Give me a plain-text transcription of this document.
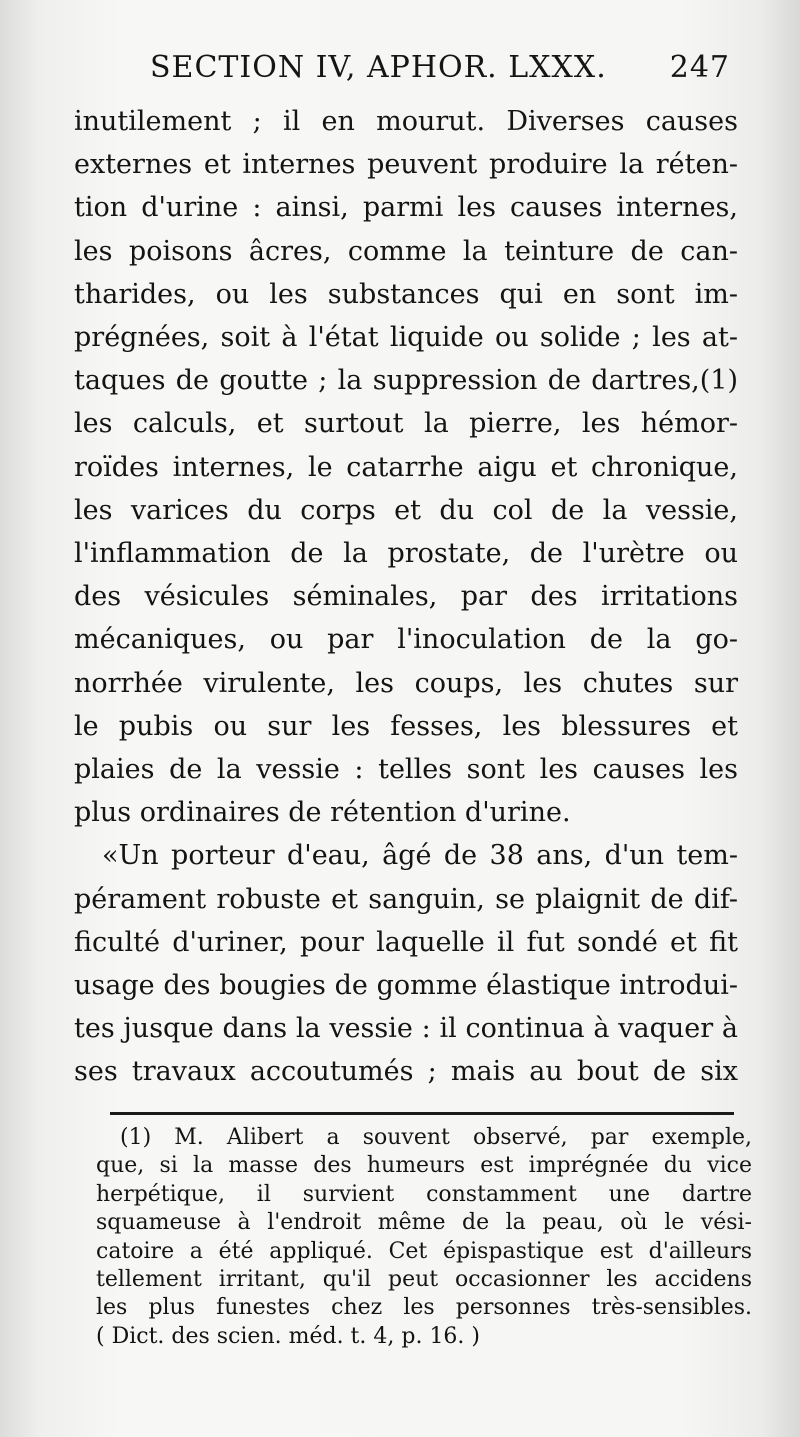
SECTION IV, APHOR. LXXX. 247
inutilement ; il en mourut. Diverses causes
externes et internes peuvent produire la réten-
tion d'urine : ainsi, parmi les causes internes,
les poisons âcres, comme la teinture de can-
tharides, ou les substances qui en sont im-
prégnées, soit à l'état liquide ou solide ; les at-
taques de goutte ; la suppression de dartres,(1)
les calculs, et surtout la pierre, les hémor-
roïdes internes, le catarrhe aigu et chronique,
les varices du corps et du col de la vessie,
l'inflammation de la prostate, de l'urètre ou
des vésicules séminales, par des irritations
mécaniques, ou par l'inoculation de la go-
norrhée virulente, les coups, les chutes sur
le pubis ou sur les fesses, les blessures et
plaies de la vessie : telles sont les causes les
plus ordinaires de rétention d'urine.
«Un porteur d'eau, âgé de 38 ans, d'un tem-
pérament robuste et sanguin, se plaignit de dif-
ficulté d'uriner, pour laquelle il fut sondé et fit
usage des bougies de gomme élastique introdui-
tes jusque dans la vessie : il continua à vaquer à
ses travaux accoutumés ; mais au bout de six
(1) M. Alibert a souvent observé, par exemple,
que, si la masse des humeurs est imprégnée du vice
herpétique, il survient constamment une dartre
squameuse à l'endroit même de la peau, où le vési-
catoire a été appliqué. Cet épispastique est d'ailleurs
tellement irritant, qu'il peut occasionner les accidens
les plus funestes chez les personnes très-sensibles.
( Dict. des scien. méd. t. 4, p. 16. )
